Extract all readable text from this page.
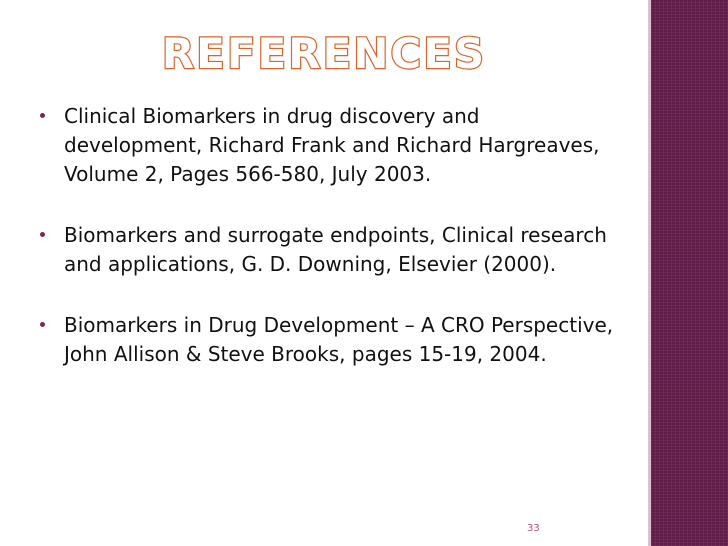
REFERENCES
Clinical Biomarkers in drug discovery and development, Richard Frank and Richard Hargreaves, Volume 2, Pages 566-580, July 2003.
Biomarkers and surrogate endpoints, Clinical research and applications, G. D. Downing, Elsevier (2000).
Biomarkers in Drug Development – A CRO Perspective, John Allison & Steve Brooks, pages 15-19, 2004.
33
